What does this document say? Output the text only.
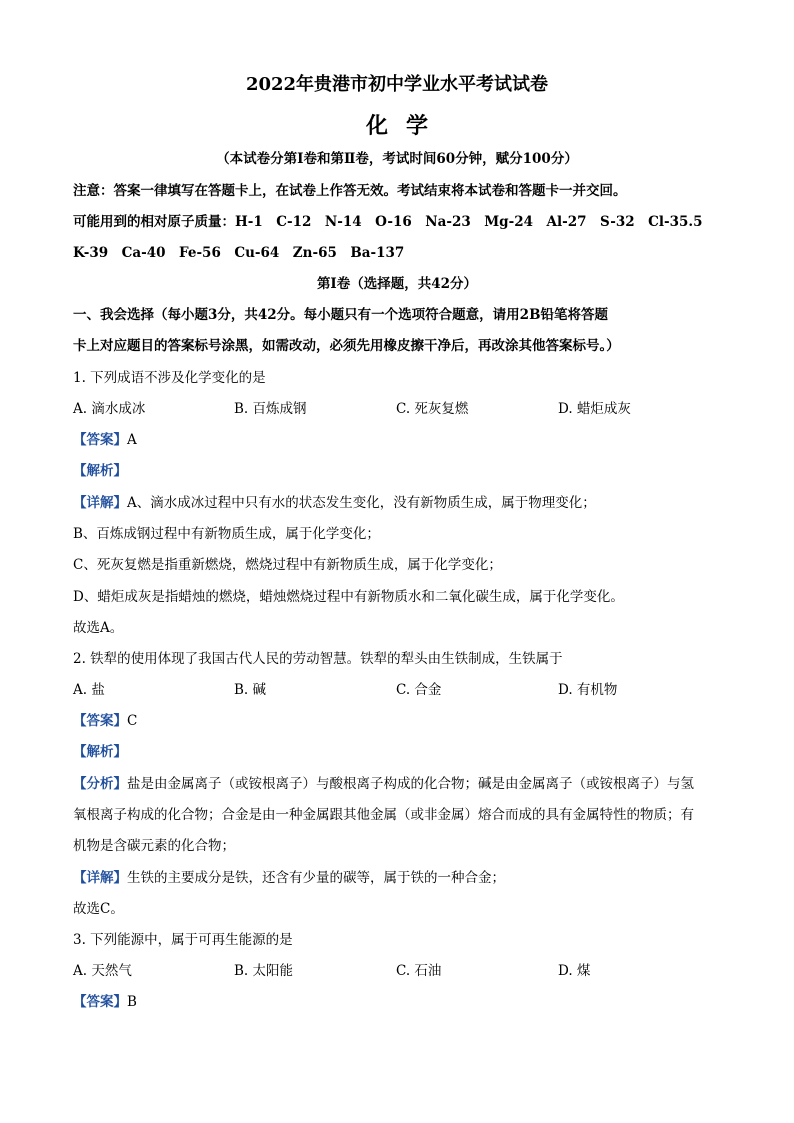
2022年贵港市初中学业水平考试试卷
化学
（本试卷分第Ⅰ卷和第Ⅱ卷，考试时间60分钟，赋分100分）
注意：答案一律填写在答题卡上，在试卷上作答无效。考试结束将本试卷和答题卡一并交回。
可能用到的相对原子质量：H-1　C-12　N-14　O-16　Na-23　Mg-24　Al-27　S-32　Cl-35.5
K-39　Ca-40　Fe-56　Cu-64　Zn-65　Ba-137
第Ⅰ卷（选择题，共42分）
一、我会选择（每小题3分，共42分。每小题只有一个选项符合题意，请用2B铅笔将答题
卡上对应题目的答案标号涂黑，如需改动，必须先用橡皮擦干净后，再改涂其他答案标号。）
1. 下列成语不涉及化学变化的是
A. 滴水成冰	B. 百炼成钢	C. 死灰复燃	D. 蜡炬成灰
【答案】A
【解析】
【详解】A、滴水成冰过程中只有水的状态发生变化，没有新物质生成，属于物理变化；
B、百炼成钢过程中有新物质生成，属于化学变化；
C、死灰复燃是指重新燃烧，燃烧过程中有新物质生成，属于化学变化；
D、蜡炬成灰是指蜡烛的燃烧，蜡烛燃烧过程中有新物质水和二氧化碳生成，属于化学变化。
故选A。
2. 铁犁的使用体现了我国古代人民的劳动智慧。铁犁的犁头由生铁制成，生铁属于
A. 盐	B. 碱	C. 合金	D. 有机物
【答案】C
【解析】
【分析】盐是由金属离子（或铵根离子）与酸根离子构成的化合物；碱是由金属离子（或铵根离子）与氢
氧根离子构成的化合物；合金是由一种金属跟其他金属（或非金属）熔合而成的具有金属特性的物质；有
机物是含碳元素的化合物；
【详解】生铁的主要成分是铁，还含有少量的碳等，属于铁的一种合金；
故选C。
3. 下列能源中，属于可再生能源的是
A. 天然气	B. 太阳能	C. 石油	D. 煤
【答案】B
